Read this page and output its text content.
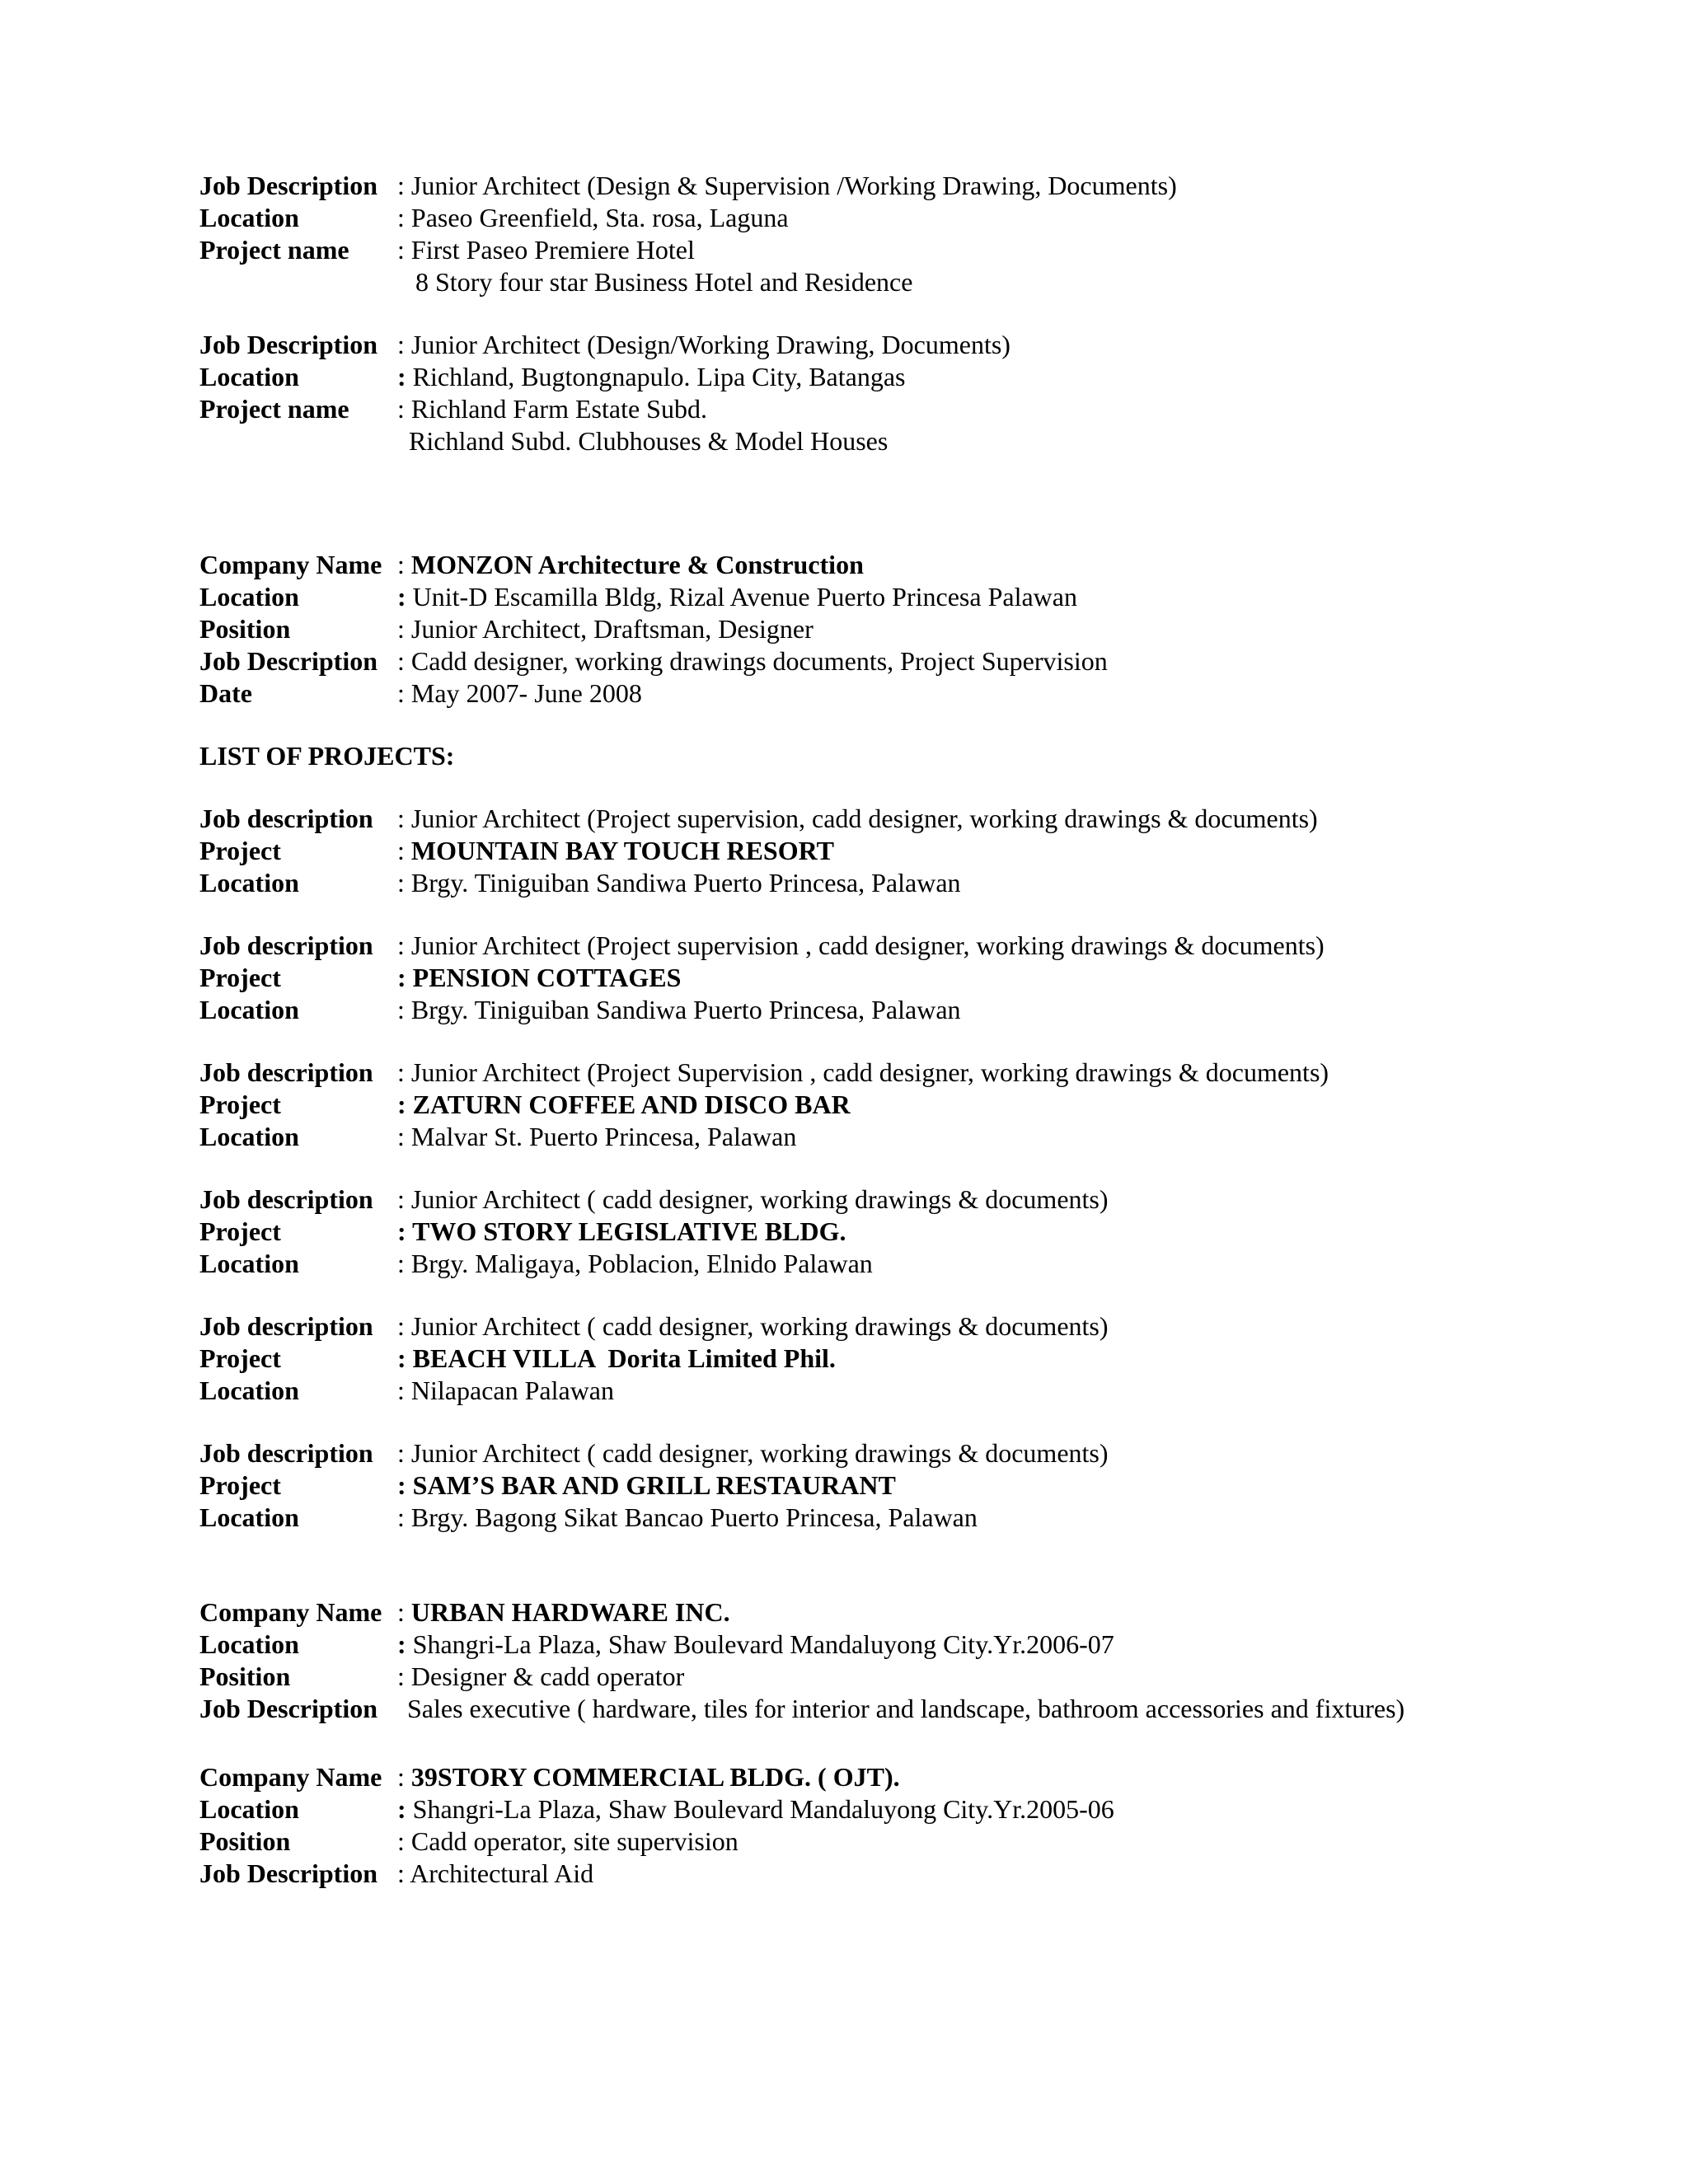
Job Description : Junior Architect (Design & Supervision /Working Drawing, Documents)
Location	: Paseo Greenfield, Sta. rosa, Laguna
Project name : First Paseo Premiere Hotel
8 Story four star Business Hotel and Residence
Job Description : Junior Architect (Design/Working Drawing, Documents)
Location	: Richland, Bugtongnapulo. Lipa City, Batangas
Project name : Richland Farm Estate Subd.
Richland Subd. Clubhouses & Model Houses
Company Name : MONZON Architecture & Construction
Location	: Unit-D Escamilla Bldg, Rizal Avenue Puerto Princesa Palawan
Position	: Junior Architect, Draftsman, Designer
Job Description : Cadd designer, working drawings documents, Project Supervision
Date	: May 2007- June 2008
LIST OF PROJECTS:
Job description : Junior Architect (Project supervision, cadd designer, working drawings & documents)
Project	: MOUNTAIN BAY TOUCH RESORT
Location	: Brgy. Tiniguiban Sandiwa Puerto Princesa, Palawan
Job description : Junior Architect (Project supervision , cadd designer, working drawings & documents)
Project	: PENSION COTTAGES
Location	: Brgy. Tiniguiban Sandiwa Puerto Princesa, Palawan
Job description : Junior Architect (Project Supervision , cadd designer, working drawings & documents)
Project	: ZATURN COFFEE AND DISCO BAR
Location	: Malvar St. Puerto Princesa, Palawan
Job description : Junior Architect ( cadd designer, working drawings & documents)
Project	: TWO STORY LEGISLATIVE BLDG.
Location	: Brgy. Maligaya, Poblacion, Elnido Palawan
Job description : Junior Architect ( cadd designer, working drawings & documents)
Project	: BEACH VILLA  Dorita Limited Phil.
Location	: Nilapacan Palawan
Job description : Junior Architect ( cadd designer, working drawings & documents)
Project	: SAM’S BAR AND GRILL RESTAURANT
Location	: Brgy. Bagong Sikat Bancao Puerto Princesa, Palawan
Company Name : URBAN HARDWARE INC.
Location	: Shangri-La Plaza, Shaw Boulevard Mandaluyong City.Yr.2006-07
Position	: Designer & cadd operator
Job Description Sales executive ( hardware, tiles for interior and landscape, bathroom accessories and fixtures)
Company Name : 39STORY COMMERCIAL BLDG. ( OJT).
Location	: Shangri-La Plaza, Shaw Boulevard Mandaluyong City.Yr.2005-06
Position	: Cadd operator, site supervision
Job Description : Architectural Aid
